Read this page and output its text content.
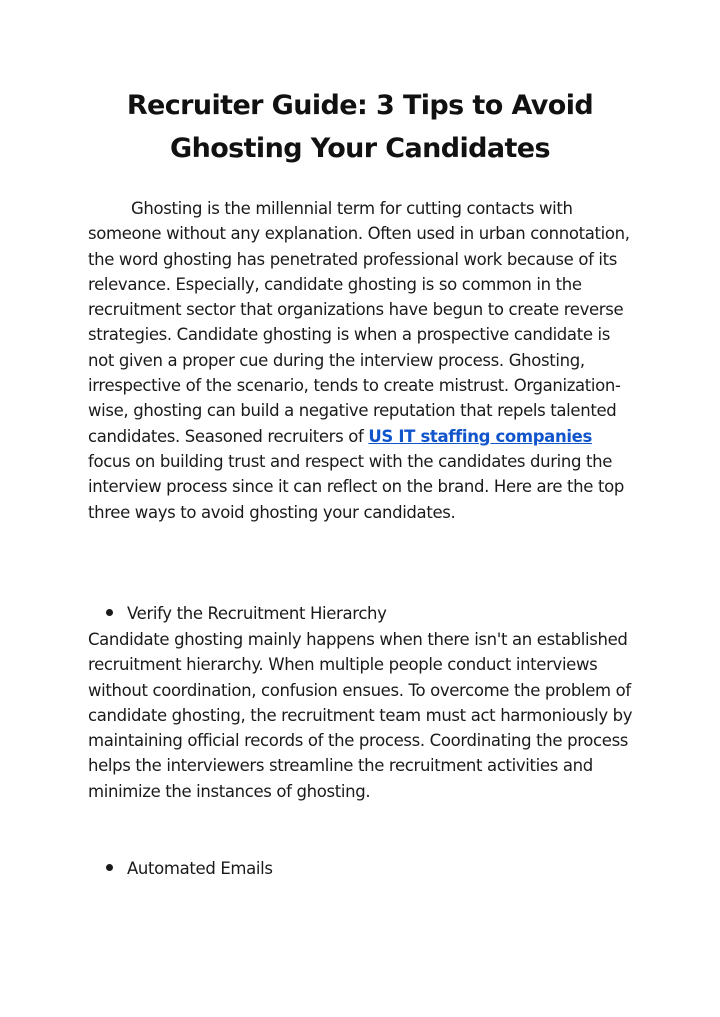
Recruiter Guide: 3 Tips to Avoid Ghosting Your Candidates

Ghosting is the millennial term for cutting contacts with someone without any explanation. Often used in urban connotation, the word ghosting has penetrated professional work because of its relevance. Especially, candidate ghosting is so common in the recruitment sector that organizations have begun to create reverse strategies. Candidate ghosting is when a prospective candidate is not given a proper cue during the interview process. Ghosting, irrespective of the scenario, tends to create mistrust. Organization-wise, ghosting can build a negative reputation that repels talented candidates. Seasoned recruiters of US IT staffing companies focus on building trust and respect with the candidates during the interview process since it can reflect on the brand. Here are the top three ways to avoid ghosting your candidates.

Verify the Recruitment Hierarchy

Candidate ghosting mainly happens when there isn't an established recruitment hierarchy. When multiple people conduct interviews without coordination, confusion ensues. To overcome the problem of candidate ghosting, the recruitment team must act harmoniously by maintaining official records of the process. Coordinating the process helps the interviewers streamline the recruitment activities and minimize the instances of ghosting.

Automated Emails
